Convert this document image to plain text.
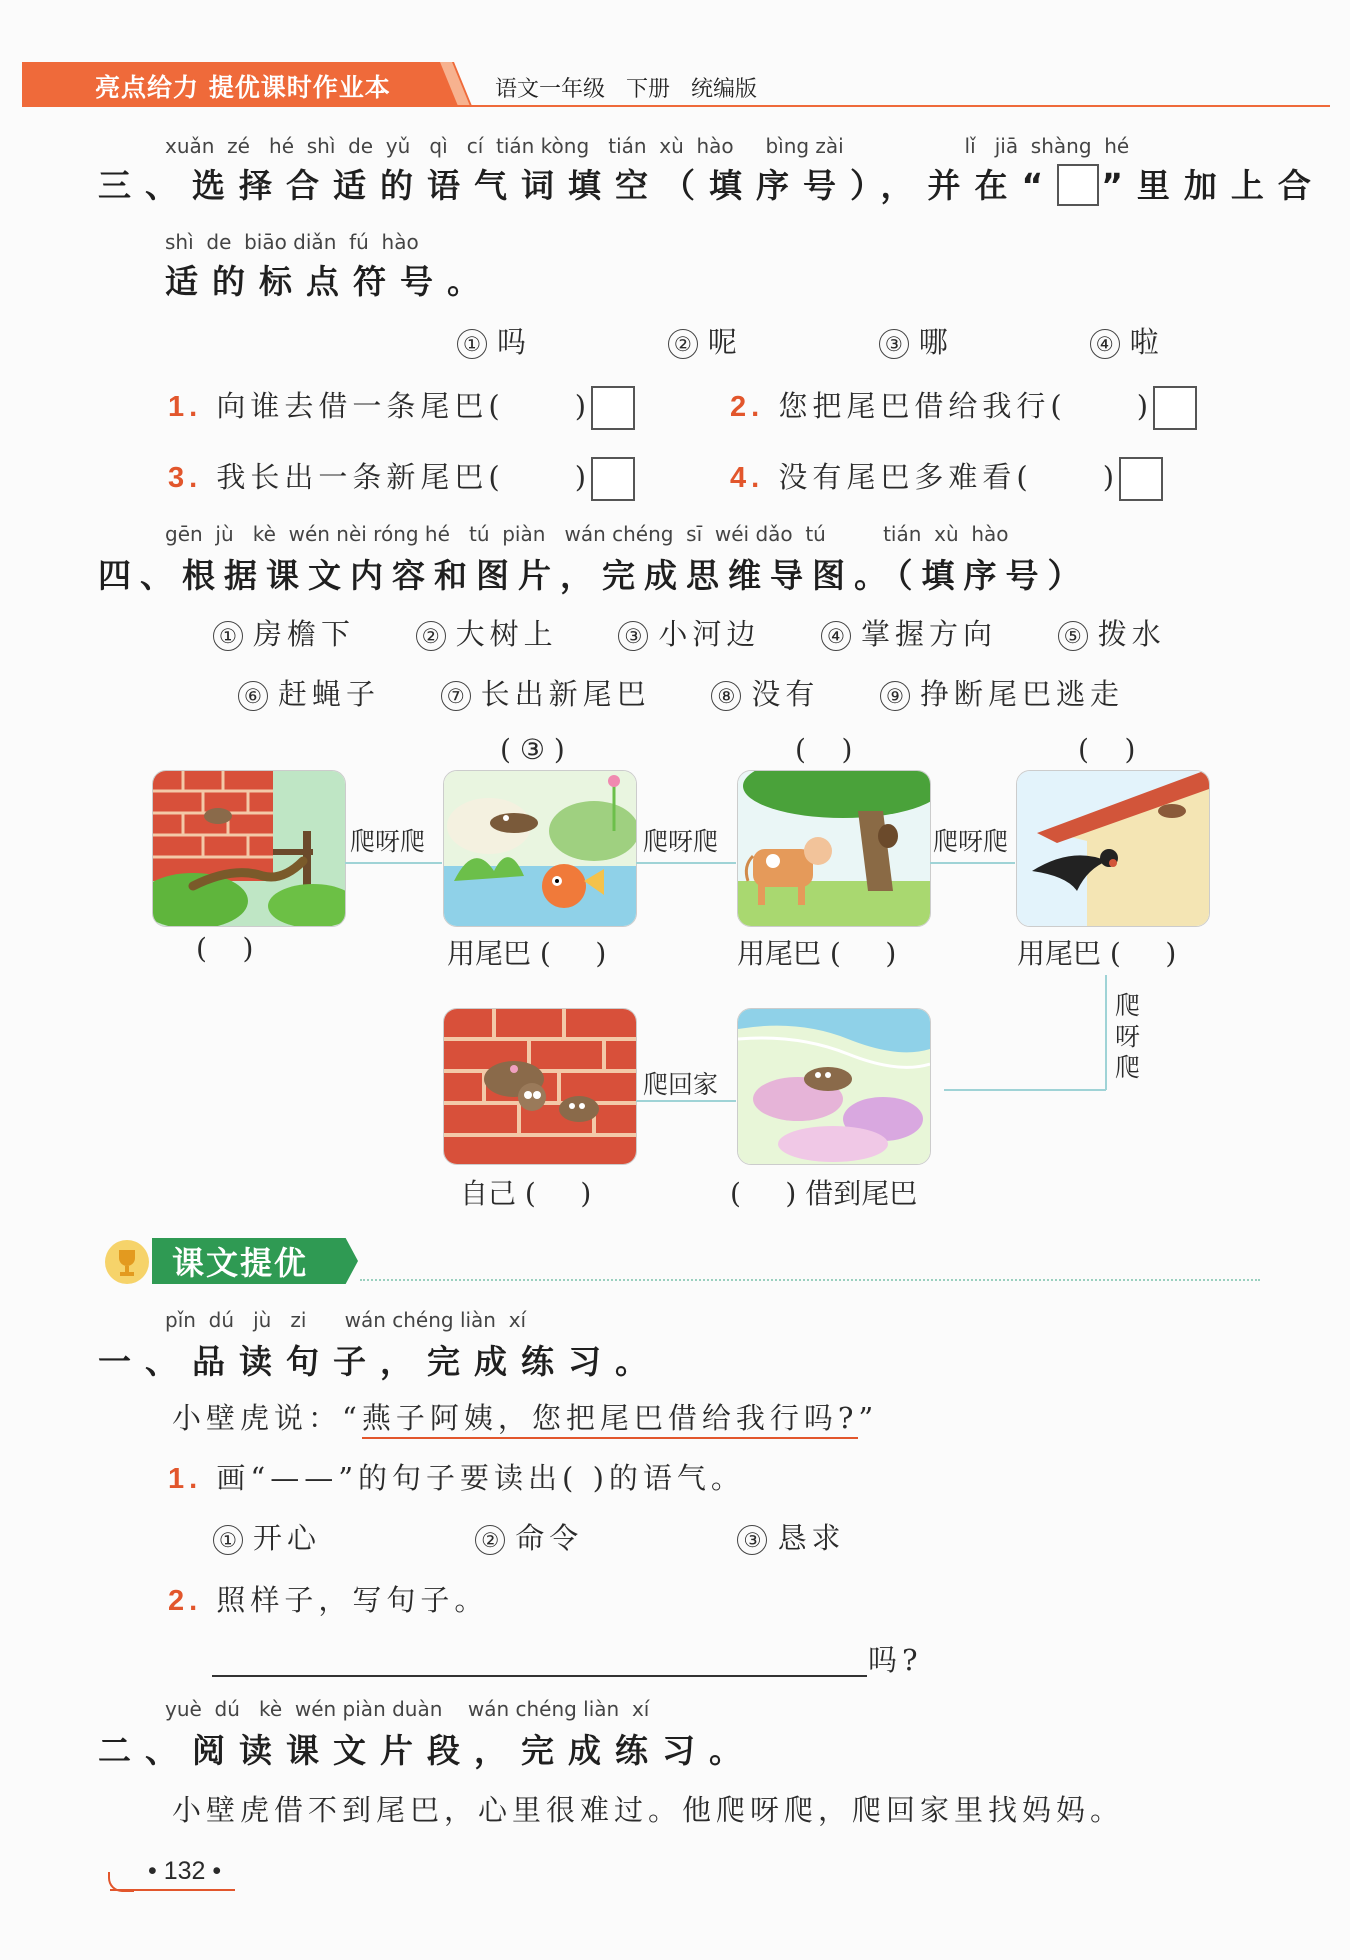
亮点给力 提优课时作业本	语文一年级 下册 统编版
xuǎn  zé   hé  shì  de  yǔ   qì   cí  tián kòng   tián  xù  hào     bìng zài                   lǐ   jiā  shàng  hé
三、选择合适的语气词填空（填序号），并在“ ”里加上合
shì  de  biāo diǎn  fú  hào
适的标点符号。
① 吗	② 呢	③ 哪	④ 啦
1. 向谁去借一条尾巴( )	2. 您把尾巴借给我行( )
3. 我长出一条新尾巴( )	4. 没有尾巴多难看( )
gēn  jù   kè  wén nèi róng hé   tú  piàn   wán chéng  sī  wéi dǎo  tú         tián  xù  hào
四、根据课文内容和图片，完成思维导图。（填序号）
① 房檐下	② 大树上	③ 小河边	④ 掌握方向	⑤ 拨水
⑥ 赶蝇子	⑦ 长出新尾巴	⑧ 没有	⑨ 挣断尾巴逃走
( ③ )	(    )	(    )
爬呀爬	爬呀爬	爬呀爬
爬
呀
爬
爬回家
(    )	用尾巴 (     )	用尾巴 (     )	用尾巴 (     )
自己 (     )	(     ) 借到尾巴
课文提优
pǐn  dú   jù   zi      wán chéng liàn  xí
一、品读句子，完成练习。
小壁虎说：“燕子阿姨，您把尾巴借给我行吗?”
1. 画“——”的句子要读出( )的语气。
① 开心	② 命令	③ 恳求
2. 照样子，写句子。
吗?
yuè  dú   kè  wén piàn duàn    wán chéng liàn  xí
二、阅读课文片段，完成练习。
小壁虎借不到尾巴，心里很难过。他爬呀爬，爬回家里找妈妈。
• 132 •
